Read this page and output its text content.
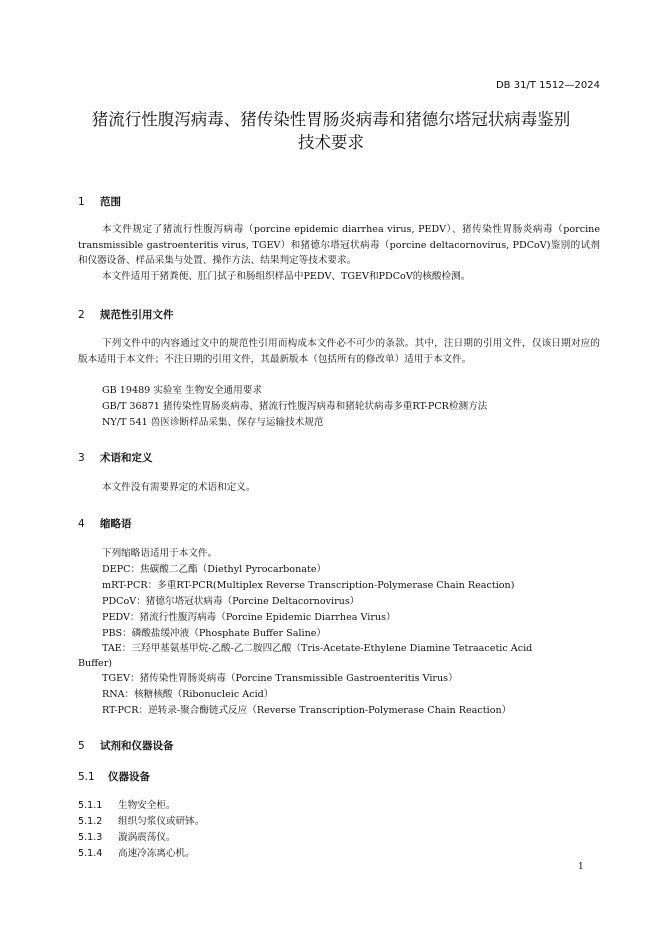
DB 31/T 1512—2024
猪流行性腹泻病毒、猪传染性胃肠炎病毒和猪德尔塔冠状病毒鉴别
技术要求
1 范围
本文件规定了猪流行性腹泻病毒（porcine epidemic diarrhea virus, PEDV）、猪传染性胃肠炎病毒（porcine transmissible gastroenteritis virus, TGEV）和猪德尔塔冠状病毒（porcine deltacornovirus, PDCoV)鉴别的试剂和仪器设备、样品采集与处置、操作方法、结果判定等技术要求。
本文件适用于猪粪便、肛门拭子和肠组织样品中PEDV、TGEV和PDCoV的核酸检测。
2 规范性引用文件
下列文件中的内容通过文中的规范性引用而构成本文件必不可少的条款。其中，注日期的引用文件，仅该日期对应的版本适用于本文件；不注日期的引用文件，其最新版本（包括所有的修改单）适用于本文件。
GB 19489 实验室 生物安全通用要求
GB/T 36871 猪传染性胃肠炎病毒、猪流行性腹泻病毒和猪轮状病毒多重RT-PCR检测方法
NY/T 541 兽医诊断样品采集、保存与运输技术规范
3 术语和定义
本文件没有需要界定的术语和定义。
4 缩略语
下列缩略语适用于本文件。
DEPC：焦碳酸二乙酯（Diethyl Pyrocarbonate）
mRT-PCR：多重RT-PCR(Multiplex Reverse Transcription-Polymerase Chain Reaction)
PDCoV：猪德尔塔冠状病毒（Porcine Deltacornovirus）
PEDV：猪流行性腹泻病毒（Porcine Epidemic Diarrhea Virus）
PBS：磷酸盐缓冲液（Phosphate Buffer Saline）
TAE：三羟甲基氨基甲烷-乙酸-乙二胺四乙酸（Tris-Acetate-Ethylene Diamine Tetraacetic Acid
Buffer)
TGEV：猪传染性胃肠炎病毒（Porcine Transmissible Gastroenteritis Virus）
RNA：核糖核酸（Ribonucleic Acid）
RT-PCR：逆转录-聚合酶链式反应（Reverse Transcription-Polymerase Chain Reaction）
5 试剂和仪器设备
5.1 仪器设备
5.1.1 生物安全柜。
5.1.2 组织匀浆仪或研钵。
5.1.3 漩涡震荡仪。
5.1.4 高速冷冻离心机。
1
